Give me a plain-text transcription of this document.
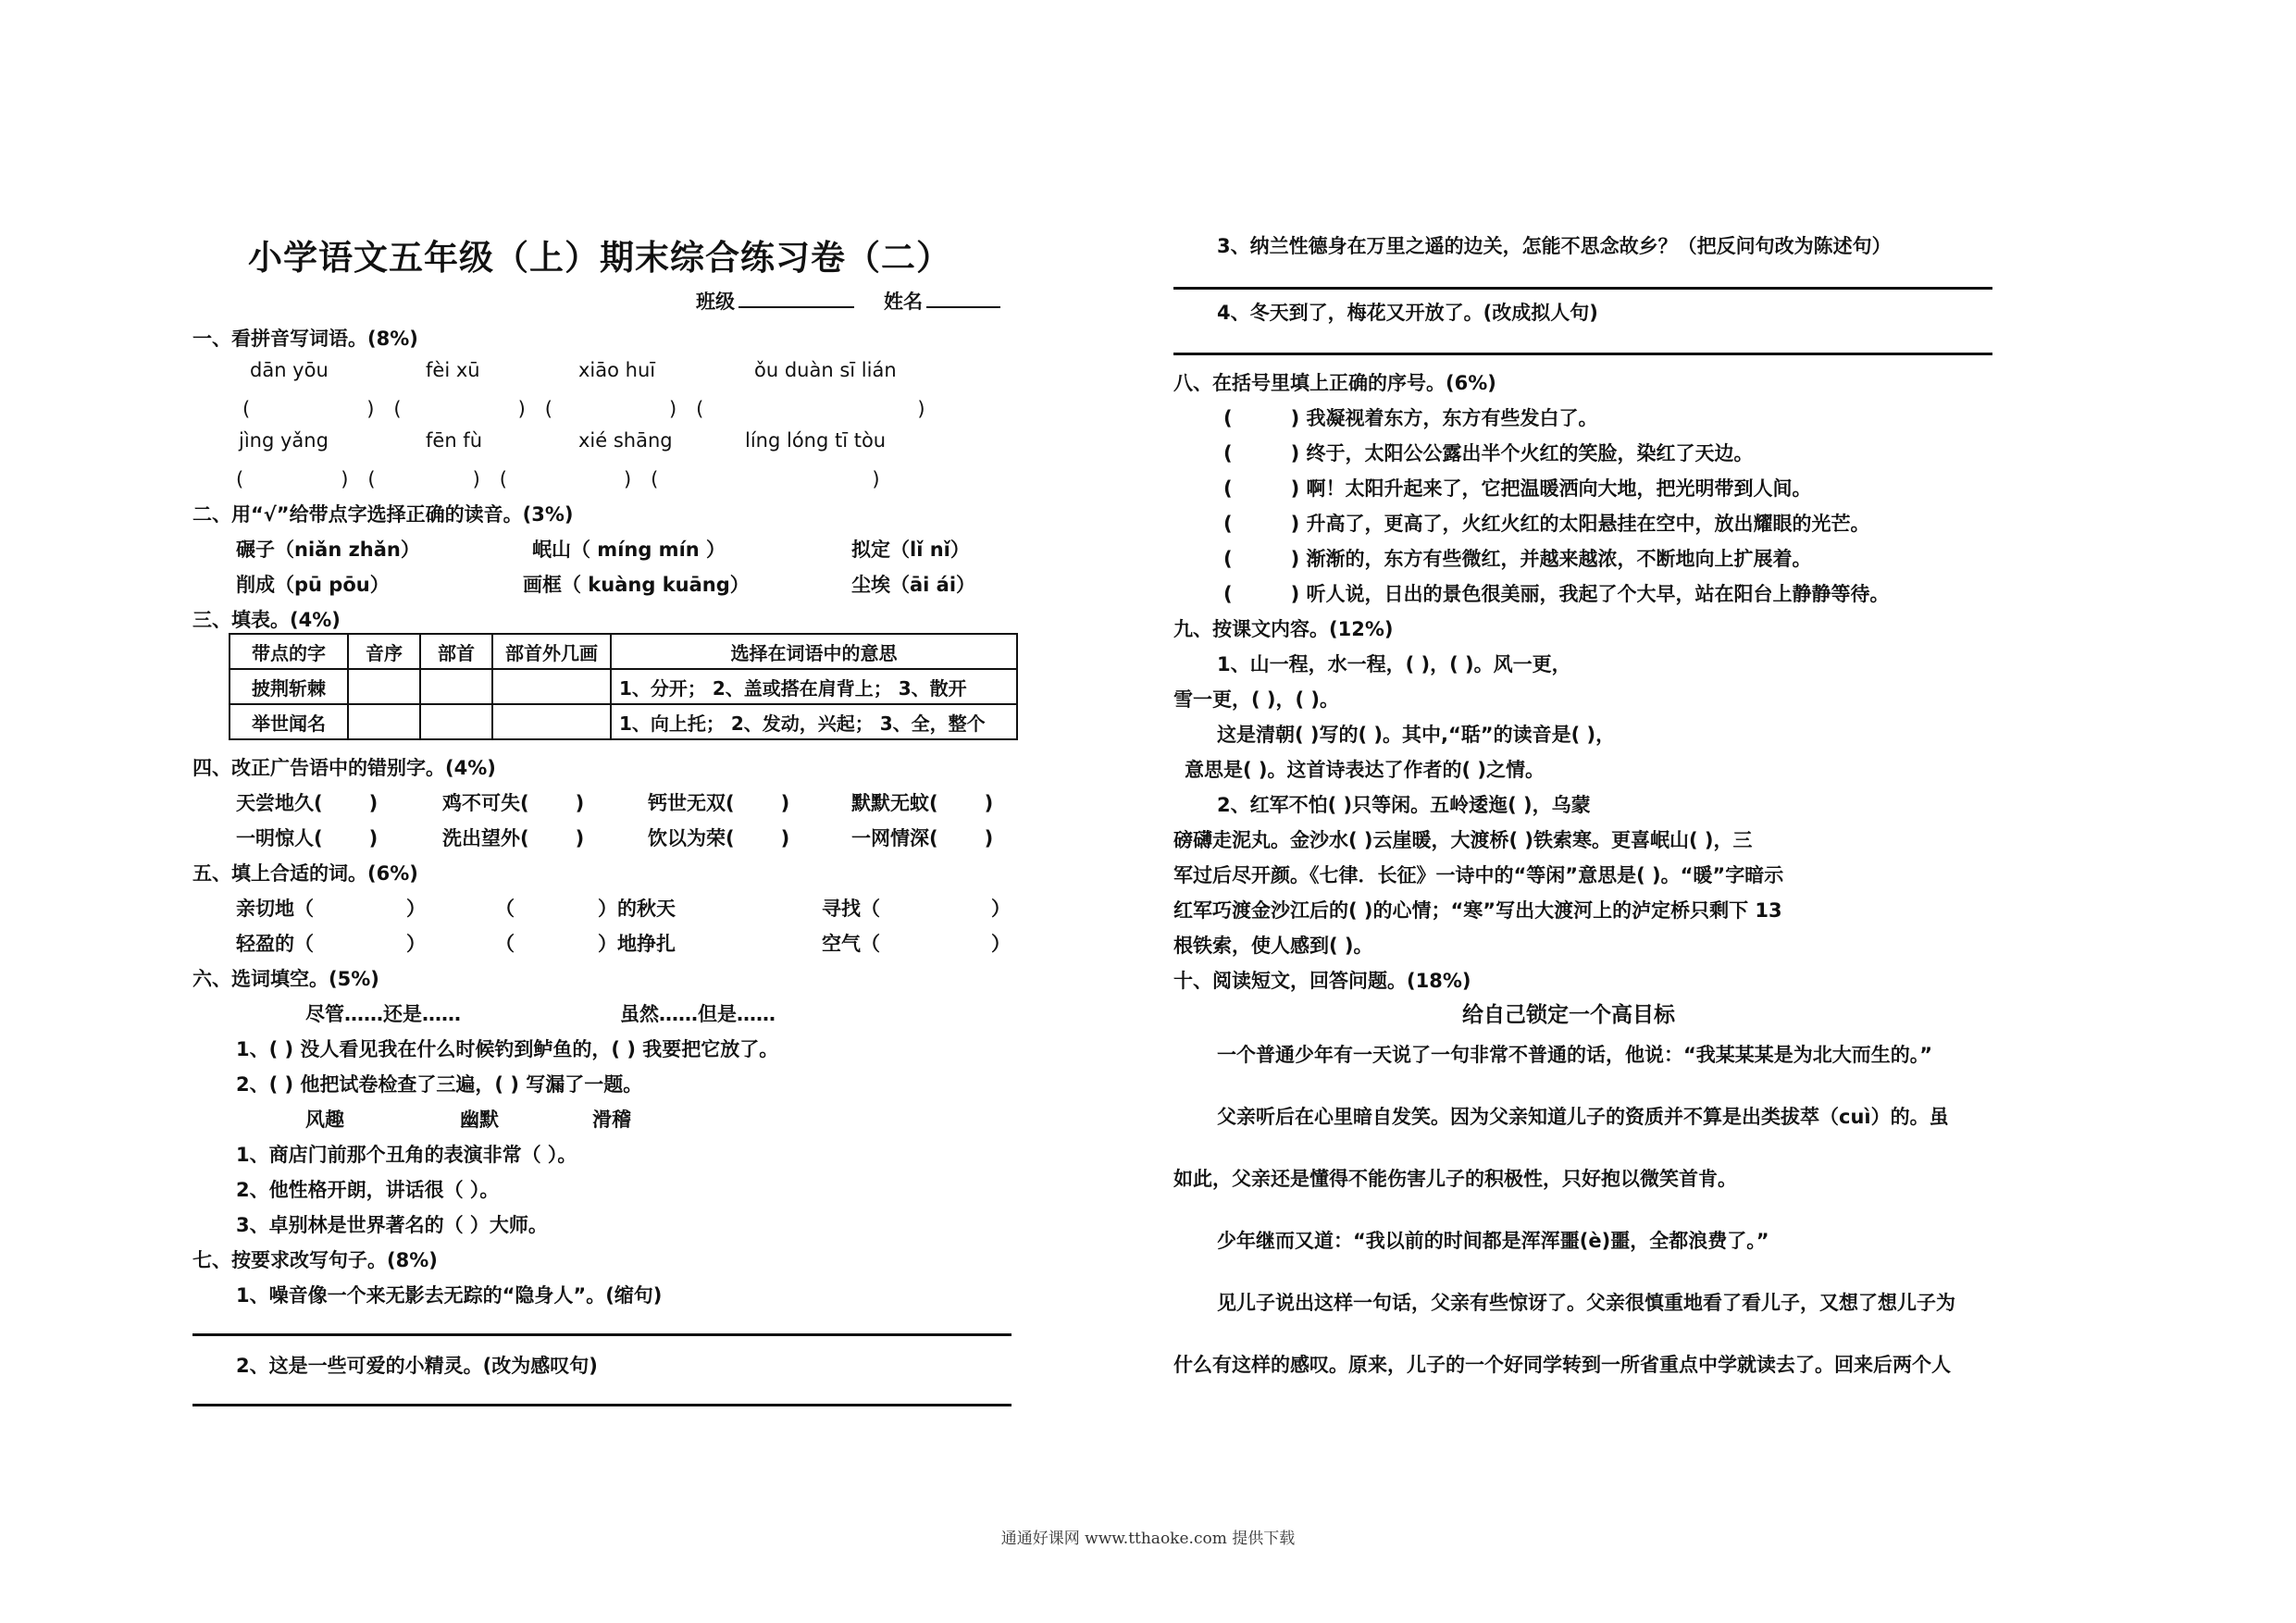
小学语文五年级（上）期末综合练习卷（二）
班级	姓名
一、看拼音写词语。(8%)
dān yōu	fèi xū	xiāo huī	ǒu duàn sī lián
(　　　　　　)　(　　　　　　)　(　　　　　　)　(　　　　　　　　　　　)
jìng yǎng	fēn fù	xié shāng	líng lóng tī tòu
(　　　　　)　(　　　　　)　(　　　　　　)　(　　　　　　　　　　　)
二、用“√”给带点字选择正确的读音。(3%)
碾子（niǎn zhǎn）	岷山（ míng mín ）	拟定（lǐ nǐ）
削成（pū pōu）	画框（ kuàng kuāng）	尘埃（āi ái）
三、填表。(4%)
带点的字	音序	部首	部首外几画	选择在词语中的意思
披荆斩棘				1、分开； 2、盖或搭在肩背上； 3、散开
举世闻名				1、向上托； 2、发动，兴起； 3、全，整个
四、改正广告语中的错别字。(4%)
天尝地久( )	鸡不可失( )	钙世无双( )	默默无蚊( )
一明惊人( )	洗出望外( )	饮以为荣( )	一网情深( )
五、填上合适的词。(6%)
亲切地（	）	（	）的秋天	寻找（	）
轻盈的（	）	（	）地挣扎	空气（	）
六、选词填空。(5%)
尽管……还是……	虽然……但是……
1、( ) 没人看见我在什么时候钓到鲈鱼的，( ) 我要把它放了。
2、( ) 他把试卷检查了三遍，( ) 写漏了一题。
风趣	幽默	滑稽
1、商店门前那个丑角的表演非常（ ）。
2、他性格开朗，讲话很（ ）。
3、卓别林是世界著名的（ ）大师。
七、按要求改写句子。(8%)
1、噪音像一个来无影去无踪的“隐身人”。(缩句)
2、这是一些可爱的小精灵。(改为感叹句)
3、纳兰性德身在万里之遥的边关，怎能不思念故乡？（把反问句改为陈述句）
4、冬天到了，梅花又开放了。(改成拟人句)
八、在括号里填上正确的序号。(6%)
(　　　) 我凝视着东方，东方有些发白了。
(　　　) 终于，太阳公公露出半个火红的笑脸，染红了天边。
(　　　) 啊！太阳升起来了，它把温暖洒向大地，把光明带到人间。
(　　　) 升高了，更高了，火红火红的太阳悬挂在空中，放出耀眼的光芒。
(　　　) 渐渐的，东方有些微红，并越来越浓，不断地向上扩展着。
(　　　) 听人说，日出的景色很美丽，我起了个大早，站在阳台上静静等待。
九、按课文内容。(12%)
1、山一程，水一程，( )，( )。风一更，
雪一更，( )，( )。
这是清朝( )写的( )。其中,“聒”的读音是( )，
意思是( )。这首诗表达了作者的( )之情。
2、红军不怕( )只等闲。五岭逶迤( )，乌蒙
磅礴走泥丸。金沙水( )云崖暖，大渡桥( )铁索寒。更喜岷山( )，三
军过后尽开颜。《七律．长征》一诗中的“等闲”意思是( )。“暖”字暗示
红军巧渡金沙江后的( )的心情；“寒”写出大渡河上的泸定桥只剩下 13
根铁索，使人感到( )。
十、阅读短文，回答问题。(18%)
给自己锁定一个高目标
一个普通少年有一天说了一句非常不普通的话，他说：“我某某某是为北大而生的。”
父亲听后在心里暗自发笑。因为父亲知道儿子的资质并不算是出类拔萃（cuì）的。虽
如此，父亲还是懂得不能伤害儿子的积极性，只好抱以微笑首肯。
少年继而又道：“我以前的时间都是浑浑噩(è)噩，全都浪费了。”
见儿子说出这样一句话，父亲有些惊讶了。父亲很慎重地看了看儿子，又想了想儿子为
什么有这样的感叹。原来，儿子的一个好同学转到一所省重点中学就读去了。回来后两个人
通通好课网 www.tthaoke.com 提供下载
